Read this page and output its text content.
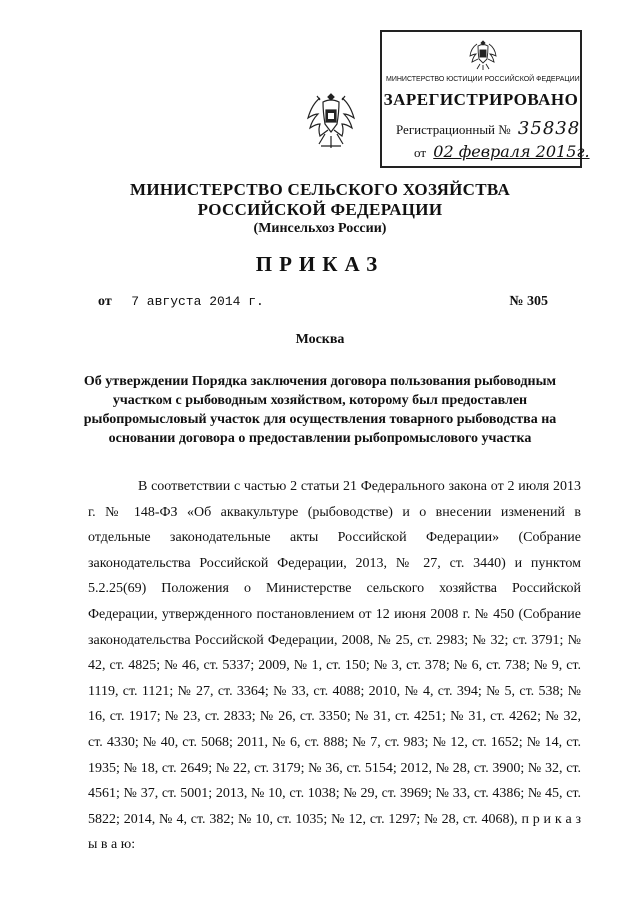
МИНИСТЕРСТВО ЮСТИЦИИ РОССИЙСКОЙ ФЕДЕРАЦИИ
ЗАРЕГИСТРИРОВАНО
Регистрационный № 35838
от 02 февраля 2015г.
МИНИСТЕРСТВО СЕЛЬСКОГО ХОЗЯЙСТВА
РОССИЙСКОЙ ФЕДЕРАЦИИ
(Минсельхоз России)
ПРИКАЗ
от 7 августа 2014 г.	№ 305
Москва
Об утверждении Порядка заключения договора пользования рыбоводным участком с рыбоводным хозяйством, которому был предоставлен рыбопромысловый участок для осуществления товарного рыбоводства на основании договора о предоставлении рыбопромыслового участка
В соответствии с частью 2 статьи 21 Федерального закона от 2 июля 2013 г. № 148-ФЗ «Об аквакультуре (рыбоводстве) и о внесении изменений в отдельные законодательные акты Российской Федерации» (Собрание законодательства Российской Федерации, 2013, № 27, ст. 3440) и пунктом 5.2.25(69) Положения о Министерстве сельского хозяйства Российской Федерации, утвержденного постановлением от 12 июня 2008 г. № 450 (Собрание законодательства Российской Федерации, 2008, № 25, ст. 2983; № 32; ст. 3791; № 42, ст. 4825; № 46, ст. 5337; 2009, № 1, ст. 150; № 3, ст. 378; № 6, ст. 738; № 9, ст. 1119, ст. 1121; № 27, ст. 3364; № 33, ст. 4088; 2010, № 4, ст. 394; № 5, ст. 538; № 16, ст. 1917; № 23, ст. 2833; № 26, ст. 3350; № 31, ст. 4251; № 31, ст. 4262; № 32, ст. 4330; № 40, ст. 5068; 2011, № 6, ст. 888; № 7, ст. 983; № 12, ст. 1652; № 14, ст. 1935; № 18, ст. 2649; № 22, ст. 3179; № 36, ст. 5154; 2012, № 28, ст. 3900; № 32, ст. 4561; № 37, ст. 5001; 2013, № 10, ст. 1038; № 29, ст. 3969; № 33, ст. 4386; № 45, ст. 5822; 2014, № 4, ст. 382; № 10, ст. 1035; № 12, ст. 1297; № 28, ст. 4068), п р и к а з ы в а ю:
